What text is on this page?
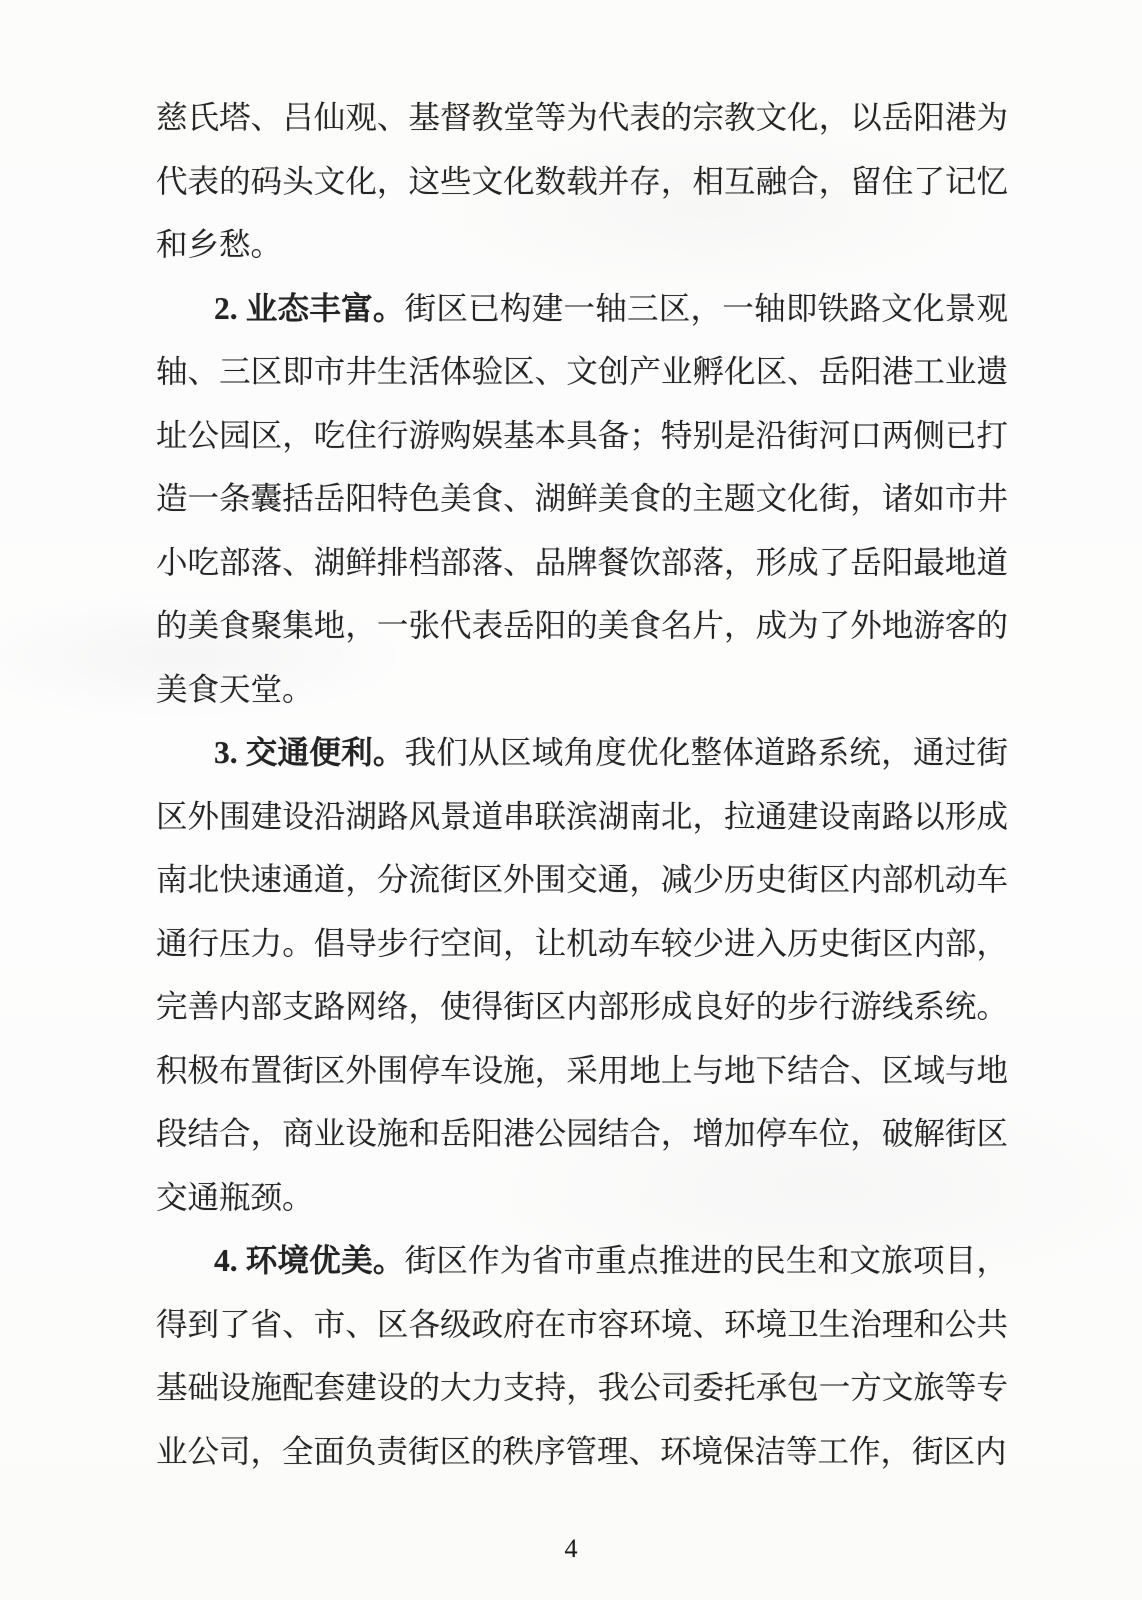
慈氏塔、吕仙观、基督教堂等为代表的宗教文化，以岳阳港为代表的码头文化，这些文化数载并存，相互融合，留住了记忆和乡愁。

2. 业态丰富。街区已构建一轴三区，一轴即铁路文化景观轴、三区即市井生活体验区、文创产业孵化区、岳阳港工业遗址公园区，吃住行游购娱基本具备；特别是沿街河口两侧已打造一条囊括岳阳特色美食、湖鲜美食的主题文化街，诸如市井小吃部落、湖鲜排档部落、品牌餐饮部落，形成了岳阳最地道的美食聚集地，一张代表岳阳的美食名片，成为了外地游客的美食天堂。

3. 交通便利。我们从区域角度优化整体道路系统，通过街区外围建设沿湖路风景道串联滨湖南北，拉通建设南路以形成南北快速通道，分流街区外围交通，减少历史街区内部机动车通行压力。倡导步行空间，让机动车较少进入历史街区内部，完善内部支路网络，使得街区内部形成良好的步行游线系统。积极布置街区外围停车设施，采用地上与地下结合、区域与地段结合，商业设施和岳阳港公园结合，增加停车位，破解街区交通瓶颈。

4. 环境优美。街区作为省市重点推进的民生和文旅项目，得到了省、市、区各级政府在市容环境、环境卫生治理和公共基础设施配套建设的大力支持，我公司委托承包一方文旅等专业公司，全面负责街区的秩序管理、环境保洁等工作，街区内

4
